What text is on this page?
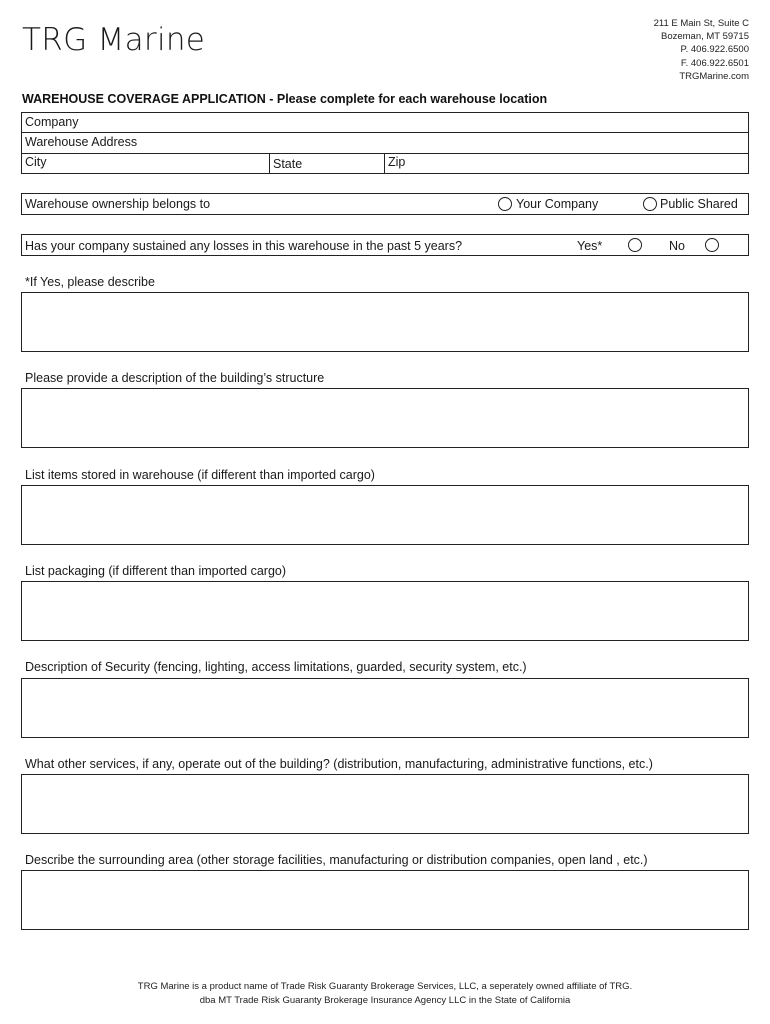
TRG Marine	211 E Main St, Suite C
Bozeman, MT 59715
P. 406.922.6500
F. 406.922.6501
TRGMarine.com
WAREHOUSE COVERAGE APPLICATION - Please complete for each warehouse location
Company
Warehouse Address
City	State	Zip
Warehouse ownership belongs to	Your Company	Public Shared
Has your company sustained any losses in this warehouse in the past 5 years?	Yes*	No
*If Yes, please describe
Please provide a description of the building’s structure
List items stored in warehouse (if different than imported cargo)
List packaging (if different than imported cargo)
Description of Security (fencing, lighting, access limitations, guarded, security system, etc.)
What other services, if any, operate out of the building? (distribution, manufacturing, administrative functions, etc.)
Describe the surrounding area (other storage facilities, manufacturing or distribution companies, open land , etc.)
TRG Marine is a product name of Trade Risk Guaranty Brokerage Services, LLC, a seperately owned affiliate of TRG.
dba MT Trade Risk Guaranty Brokerage Insurance Agency LLC in the State of California
